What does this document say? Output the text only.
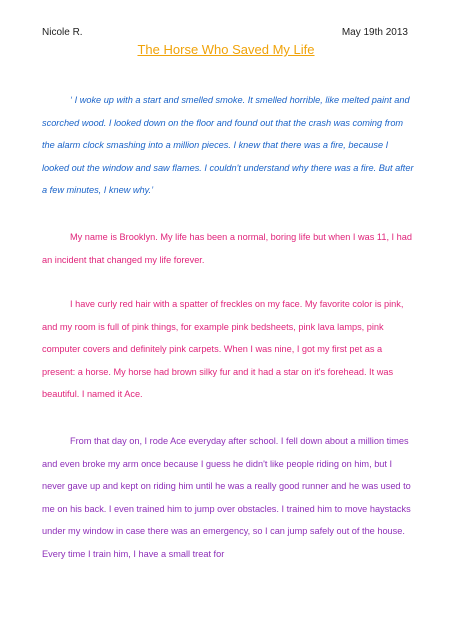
Nicole R.	May 19th 2013
The Horse Who Saved My Life

‘ I woke up with a start and smelled smoke. It smelled horrible, like melted paint and scorched wood. I looked down on the floor and found out that the crash was coming from the alarm clock smashing into a million pieces. I knew that there was a fire, because I looked out the window and saw flames. I couldn't understand why there was a fire. But after a few minutes, I knew why.’

My name is Brooklyn. My life has been a normal, boring life but when I was 11, I had an incident that changed my life forever.

I have curly red hair with a spatter of freckles on my face. My favorite color is pink, and my room is full of pink things, for example pink bedsheets, pink lava lamps, pink computer covers and definitely pink carpets. When I was nine, I got my first pet as a present: a horse. My horse had brown silky fur and it had a star on it's forehead. It was beautiful. I named it Ace.

From that day on, I rode Ace everyday after school. I fell down about a million times and even broke my arm once because I guess he didn't like people riding on him, but I never gave up and kept on riding him until he was a really good runner and he was used to me on his back. I even trained him to jump over obstacles. I trained him to move haystacks under my window in case there was an emergency, so I can jump safely out of the house. Every time I train him, I have a small treat for
